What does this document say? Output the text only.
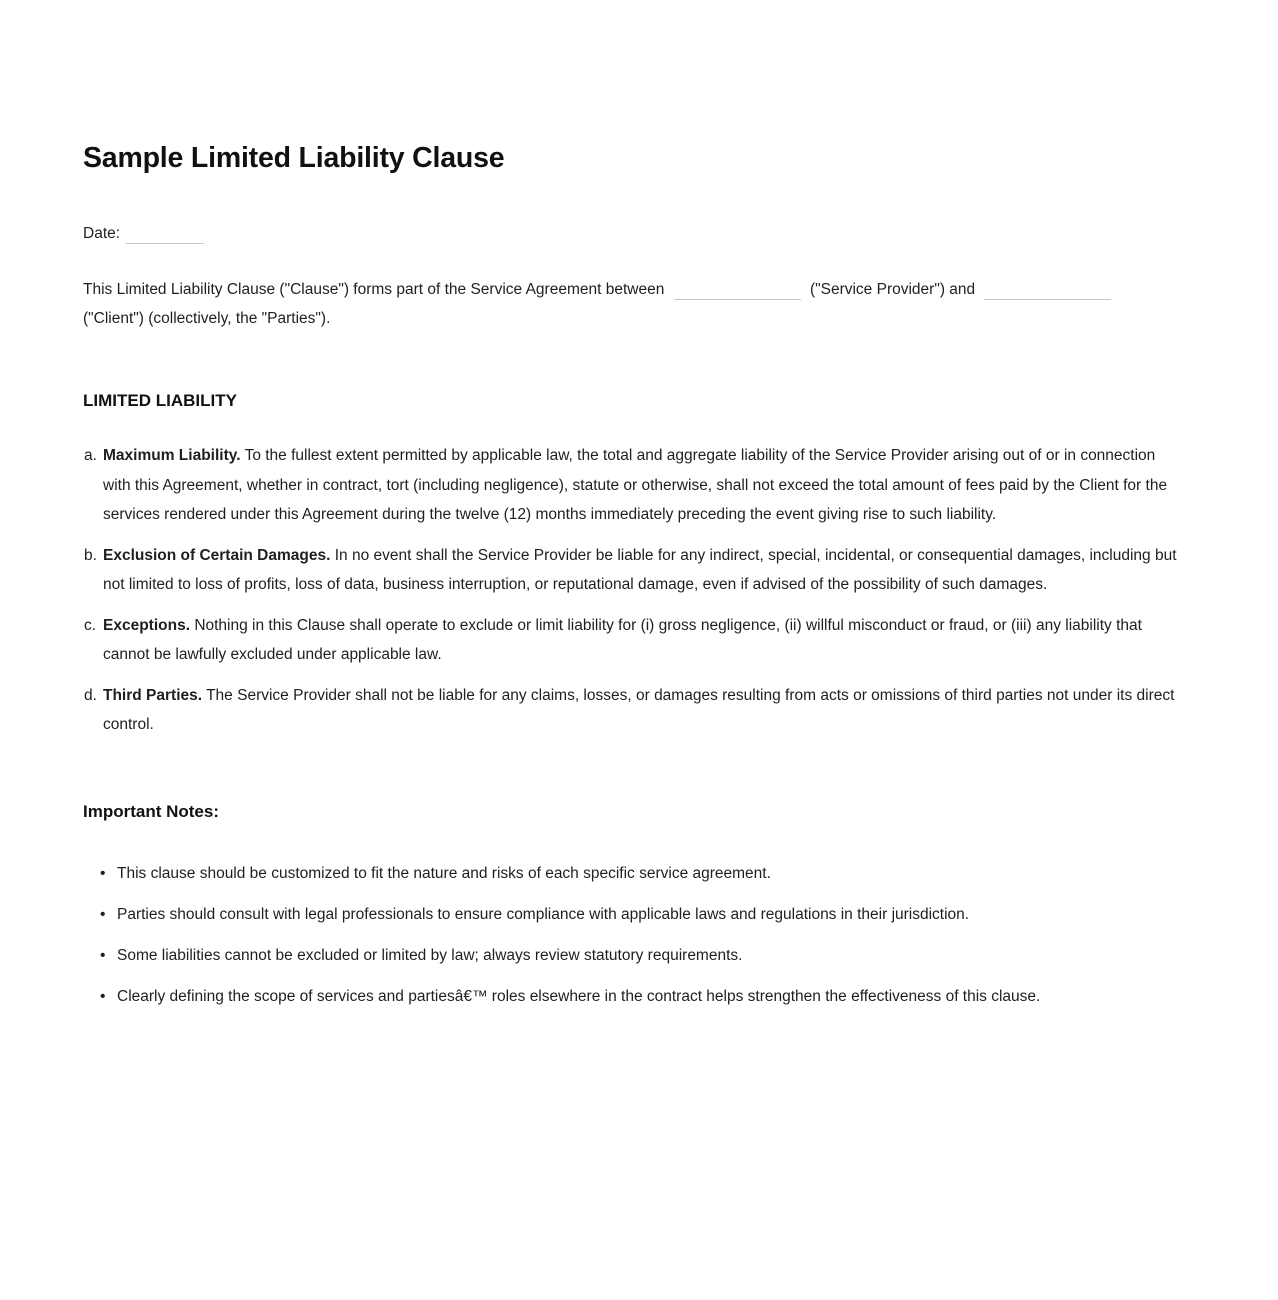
Sample Limited Liability Clause
Date:
This Limited Liability Clause ("Clause") forms part of the Service Agreement between	("Service Provider") and
("Client") (collectively, the "Parties").
LIMITED LIABILITY
a. Maximum Liability. To the fullest extent permitted by applicable law, the total and aggregate liability of the Service Provider arising out of or in connection with this Agreement, whether in contract, tort (including negligence), statute or otherwise, shall not exceed the total amount of fees paid by the Client for the services rendered under this Agreement during the twelve (12) months immediately preceding the event giving rise to such liability.
b. Exclusion of Certain Damages. In no event shall the Service Provider be liable for any indirect, special, incidental, or consequential damages, including but not limited to loss of profits, loss of data, business interruption, or reputational damage, even if advised of the possibility of such damages.
c. Exceptions. Nothing in this Clause shall operate to exclude or limit liability for (i) gross negligence, (ii) willful misconduct or fraud, or (iii) any liability that cannot be lawfully excluded under applicable law.
d. Third Parties. The Service Provider shall not be liable for any claims, losses, or damages resulting from acts or omissions of third parties not under its direct control.
Important Notes:
• This clause should be customized to fit the nature and risks of each specific service agreement.
• Parties should consult with legal professionals to ensure compliance with applicable laws and regulations in their jurisdiction.
• Some liabilities cannot be excluded or limited by law; always review statutory requirements.
• Clearly defining the scope of services and partiesâ€™ roles elsewhere in the contract helps strengthen the effectiveness of this clause.
